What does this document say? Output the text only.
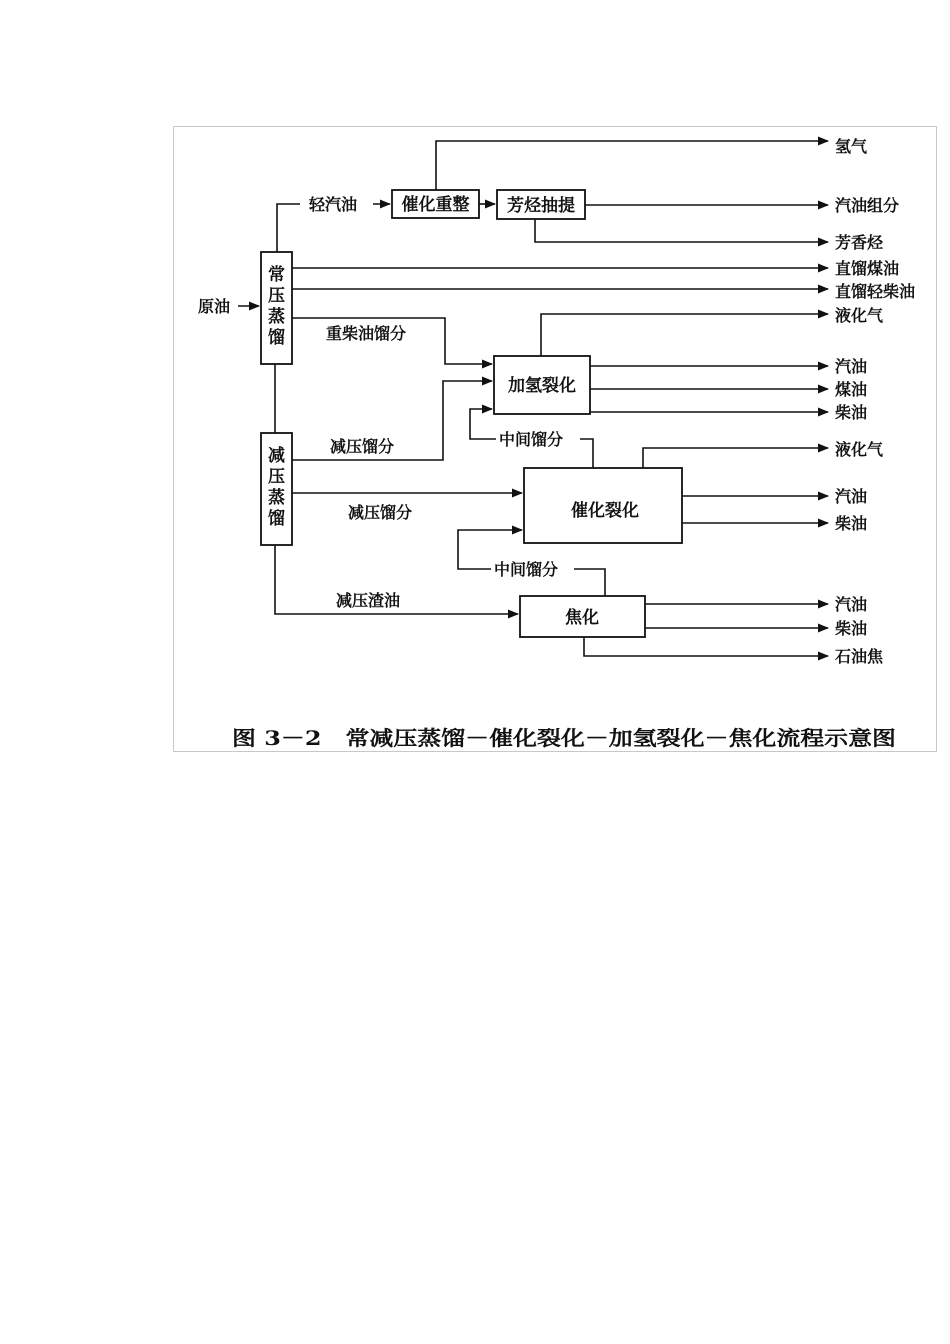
常压蒸馏
减压蒸馏
催化重整 芳烃抽提
加氢裂化
催化裂化
焦化
原油
轻汽油
重柴油馏分
减压馏分
减压馏分
减压渣油
中间馏分
中间馏分
氢气
汽油组分
芳香烃
直馏煤油
直馏轻柴油
液化气
汽油
煤油
柴油
液化气
汽油
柴油
汽油
柴油
石油焦
图 3－2　常减压蒸馏－催化裂化－加氢裂化－焦化流程示意图
